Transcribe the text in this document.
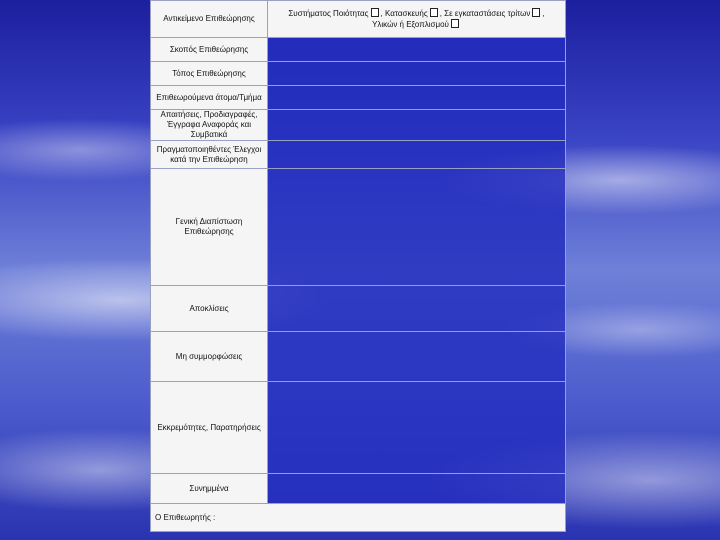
Αντικείμενο Επιθεώρησης	Συστήματος Ποιότητας , Κατασκευής , Σε εγκαταστάσεις τρίτων ,
Υλικών ή Εξοπλισμού
Σκοπός Επιθεώρησης	
Τόπος Επιθεώρησης	
Επιθεωρούμενα άτομα/Τμήμα	
Απαιτήσεις, Προδιαγραφές, Έγγραφα Αναφοράς και Συμβατικά	
Πραγματοποιηθέντες Έλεγχοι κατά την Επιθεώρηση	
Γενική Διαπίστωση Επιθεώρησης	
Αποκλίσεις	
Μη συμμορφώσεις	
Εκκρεμότητες, Παρατηρήσεις	
Συνημμένα	
Ο Επιθεωρητής :	
